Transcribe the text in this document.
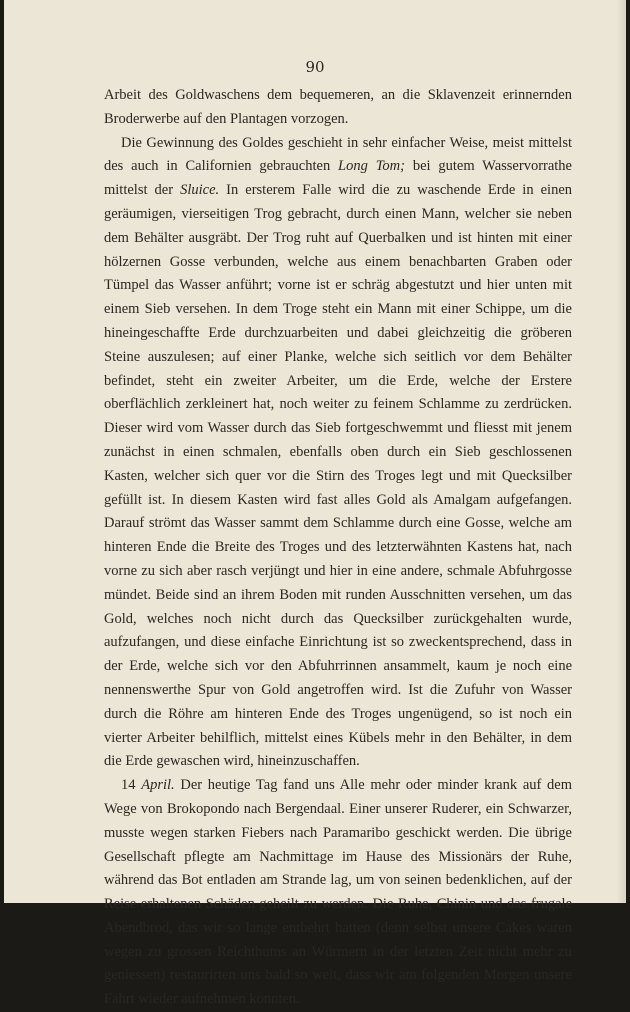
90

Arbeit des Goldwaschens dem bequemeren, an die Sklavenzeit erinnernden Broderwerbe auf den Plantagen vorzogen.

Die Gewinnung des Goldes geschieht in sehr einfacher Weise, meist mittelst des auch in Californien gebrauchten Long Tom; bei gutem Wasservorrathe mittelst der Sluice. In ersterem Falle wird die zu waschende Erde in einen geräumigen, vierseitigen Trog gebracht, durch einen Mann, welcher sie neben dem Behälter ausgräbt. Der Trog ruht auf Querbalken und ist hinten mit einer hölzernen Gosse verbunden, welche aus einem benachbarten Graben oder Tümpel das Wasser anführt; vorne ist er schräg abgestutzt und hier unten mit einem Sieb versehen. In dem Troge steht ein Mann mit einer Schippe, um die hineingeschaffte Erde durchzuarbeiten und dabei gleichzeitig die gröberen Steine auszulesen; auf einer Planke, welche sich seitlich vor dem Behälter befindet, steht ein zweiter Arbeiter, um die Erde, welche der Erstere oberflächlich zerkleinert hat, noch weiter zu feinem Schlamme zu zerdrücken. Dieser wird vom Wasser durch das Sieb fortgeschwemmt und fliesst mit jenem zunächst in einen schmalen, ebenfalls oben durch ein Sieb geschlossenen Kasten, welcher sich quer vor die Stirn des Troges legt und mit Quecksilber gefüllt ist. In diesem Kasten wird fast alles Gold als Amalgam aufgefangen. Darauf strömt das Wasser sammt dem Schlamme durch eine Gosse, welche am hinteren Ende die Breite des Troges und des letzterwähnten Kastens hat, nach vorne zu sich aber rasch verjüngt und hier in eine andere, schmale Abfuhrgosse mündet. Beide sind an ihrem Boden mit runden Ausschnitten versehen, um das Gold, welches noch nicht durch das Quecksilber zurückgehalten wurde, aufzufangen, und diese einfache Einrichtung ist so zweckentsprechend, dass in der Erde, welche sich vor den Abfuhrrinnen ansammelt, kaum je noch eine nennenswerthe Spur von Gold angetroffen wird. Ist die Zufuhr von Wasser durch die Röhre am hinteren Ende des Troges ungenügend, so ist noch ein vierter Arbeiter behilflich, mittelst eines Kübels mehr in den Behälter, in dem die Erde gewaschen wird, hineinzuschaffen.

14 April. Der heutige Tag fand uns Alle mehr oder minder krank auf dem Wege von Brokopondo nach Bergendaal. Einer unserer Ruderer, ein Schwarzer, musste wegen starken Fiebers nach Paramaribo geschickt werden. Die übrige Gesellschaft pflegte am Nachmittage im Hause des Missionärs der Ruhe, während das Bot entladen am Strande lag, um von seinen bedenklichen, auf der Reise erhaltenen Schäden geheilt zu werden. Die Ruhe, Chinin und das frugale Abendbrod, das wir so lange entbehrt hatten (denn selbst unsere Cakes waren wegen zu grossen Reichthums an Würmern in der letzten Zeit nicht mehr zu geniessen) restaurirten uns bald so weit, dass wir am folgenden Morgen unsere Fahrt wieder aufnehmen konnten.
